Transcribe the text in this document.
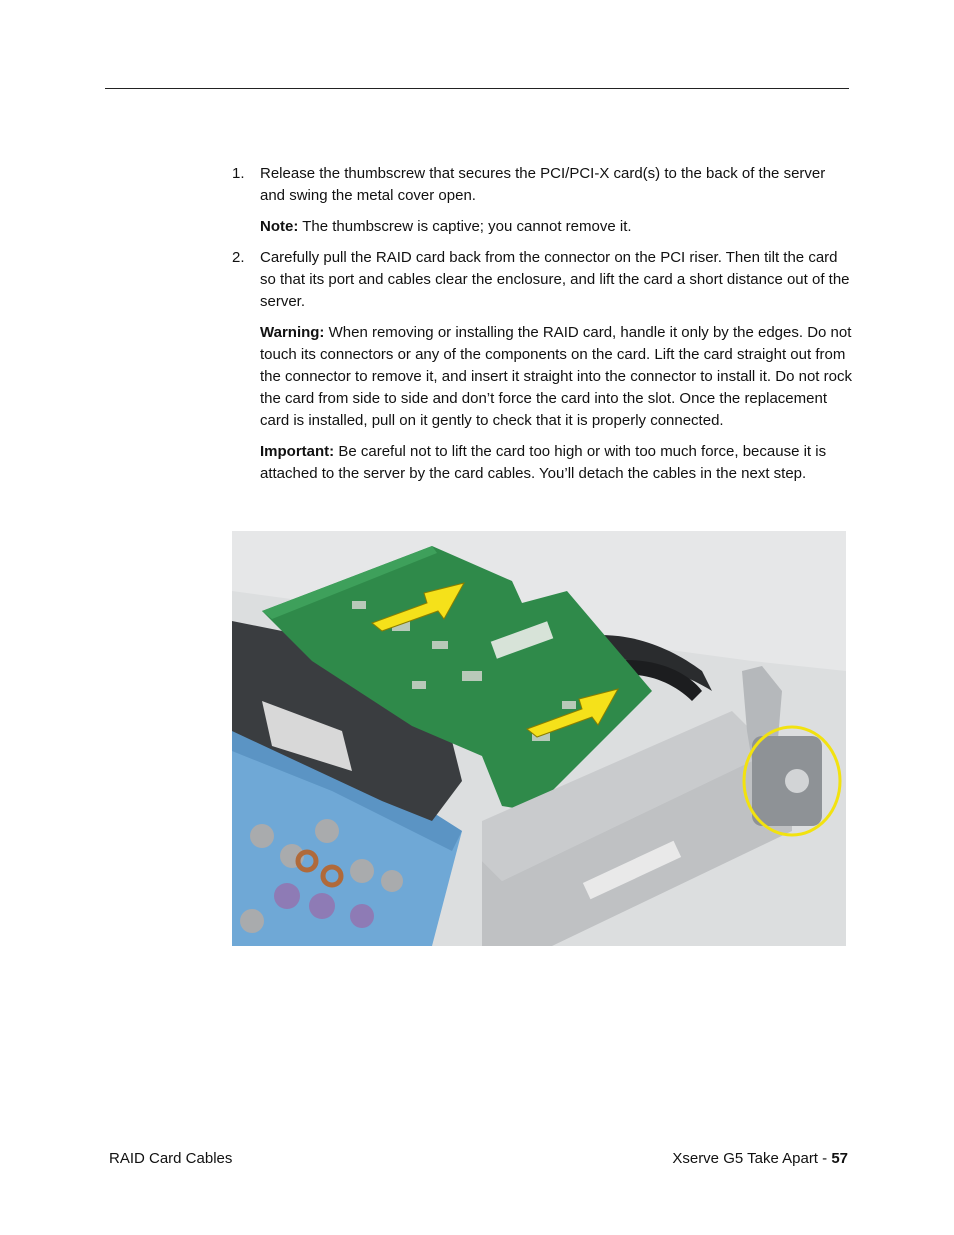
1. Release the thumbscrew that secures the PCI/PCI-X card(s) to the back of the server and swing the metal cover open.

Note: The thumbscrew is captive; you cannot remove it.

2. Carefully pull the RAID card back from the connector on the PCI riser. Then tilt the card so that its port and cables clear the enclosure, and lift the card a short distance out of the server.

Warning: When removing or installing the RAID card, handle it only by the edges. Do not touch its connectors or any of the components on the card. Lift the card straight out from the connector to remove it, and insert it straight into the connector to install it. Do not rock the card from side to side and don’t force the card into the slot. Once the replacement card is installed, pull on it gently to check that it is properly connected.

Important: Be careful not to lift the card too high or with too much force, because it is attached to the server by the card cables. You’ll detach the cables in the next step.

RAID Card Cables	Xserve G5 Take Apart - 57
